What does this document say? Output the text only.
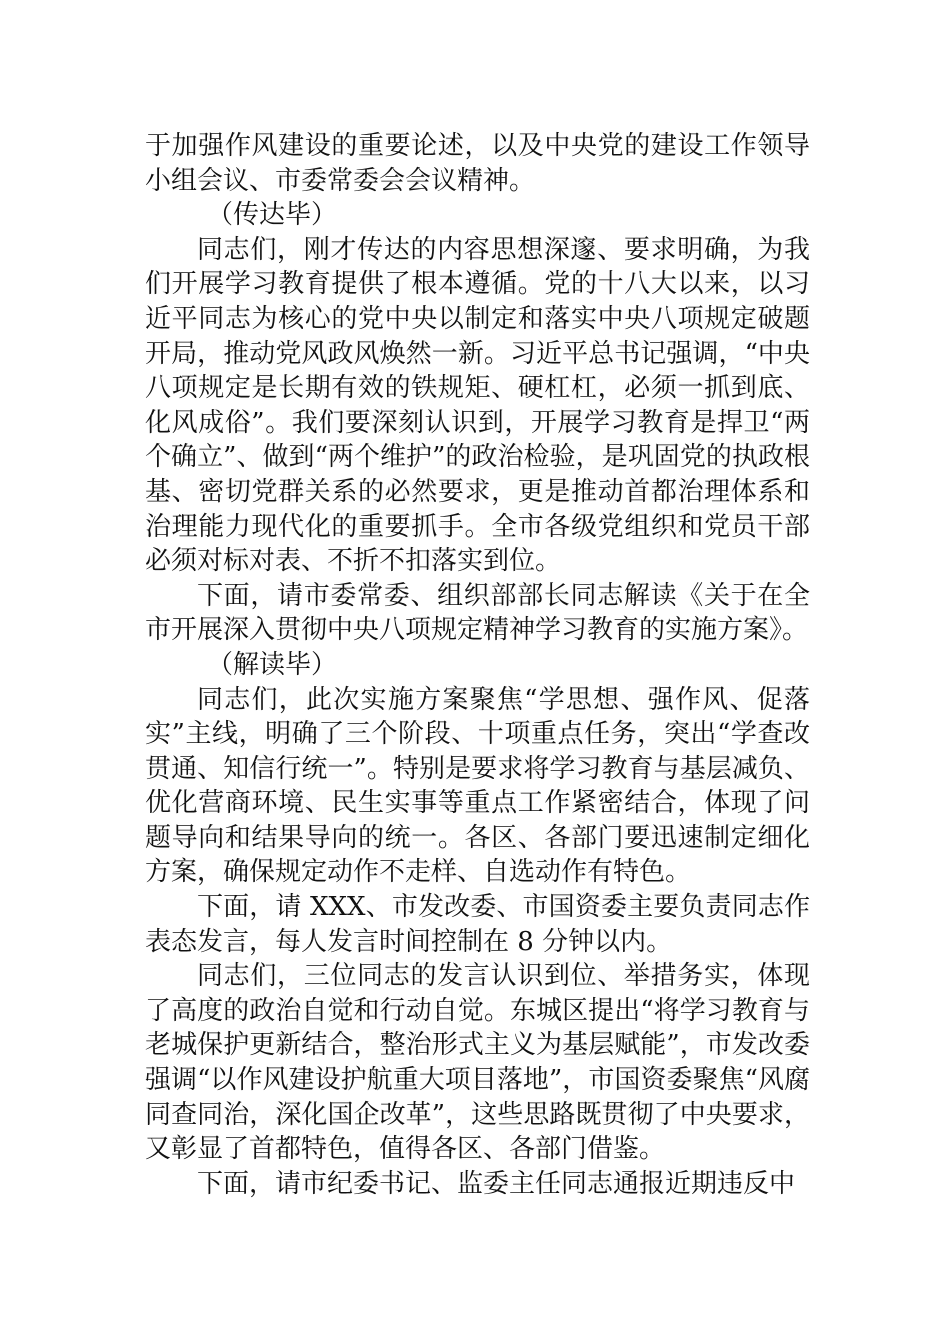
于加强作风建设的重要论述，以及中央党的建设工作领导小组会议、市委常委会会议精神。

（传达毕）

同志们，刚才传达的内容思想深邃、要求明确，为我们开展学习教育提供了根本遵循。党的十八大以来，以习近平同志为核心的党中央以制定和落实中央八项规定破题开局，推动党风政风焕然一新。习近平总书记强调，“中央八项规定是长期有效的铁规矩、硬杠杠，必须一抓到底、化风成俗”。我们要深刻认识到，开展学习教育是捍卫“两个确立”、做到“两个维护”的政治检验，是巩固党的执政根基、密切党群关系的必然要求，更是推动首都治理体系和治理能力现代化的重要抓手。全市各级党组织和党员干部必须对标对表、不折不扣落实到位。

下面，请市委常委、组织部部长同志解读《关于在全市开展深入贯彻中央八项规定精神学习教育的实施方案》。

（解读毕）

同志们，此次实施方案聚焦“学思想、强作风、促落实”主线，明确了三个阶段、十项重点任务，突出“学查改贯通、知信行统一”。特别是要求将学习教育与基层减负、优化营商环境、民生实事等重点工作紧密结合，体现了问题导向和结果导向的统一。各区、各部门要迅速制定细化方案，确保规定动作不走样、自选动作有特色。

下面，请 XXX、市发改委、市国资委主要负责同志作表态发言，每人发言时间控制在 8 分钟以内。

同志们，三位同志的发言认识到位、举措务实，体现了高度的政治自觉和行动自觉。东城区提出“将学习教育与老城保护更新结合，整治形式主义为基层赋能”，市发改委强调“以作风建设护航重大项目落地”，市国资委聚焦“风腐同查同治，深化国企改革”，这些思路既贯彻了中央要求，又彰显了首都特色，值得各区、各部门借鉴。

下面，请市纪委书记、监委主任同志通报近期违反中
